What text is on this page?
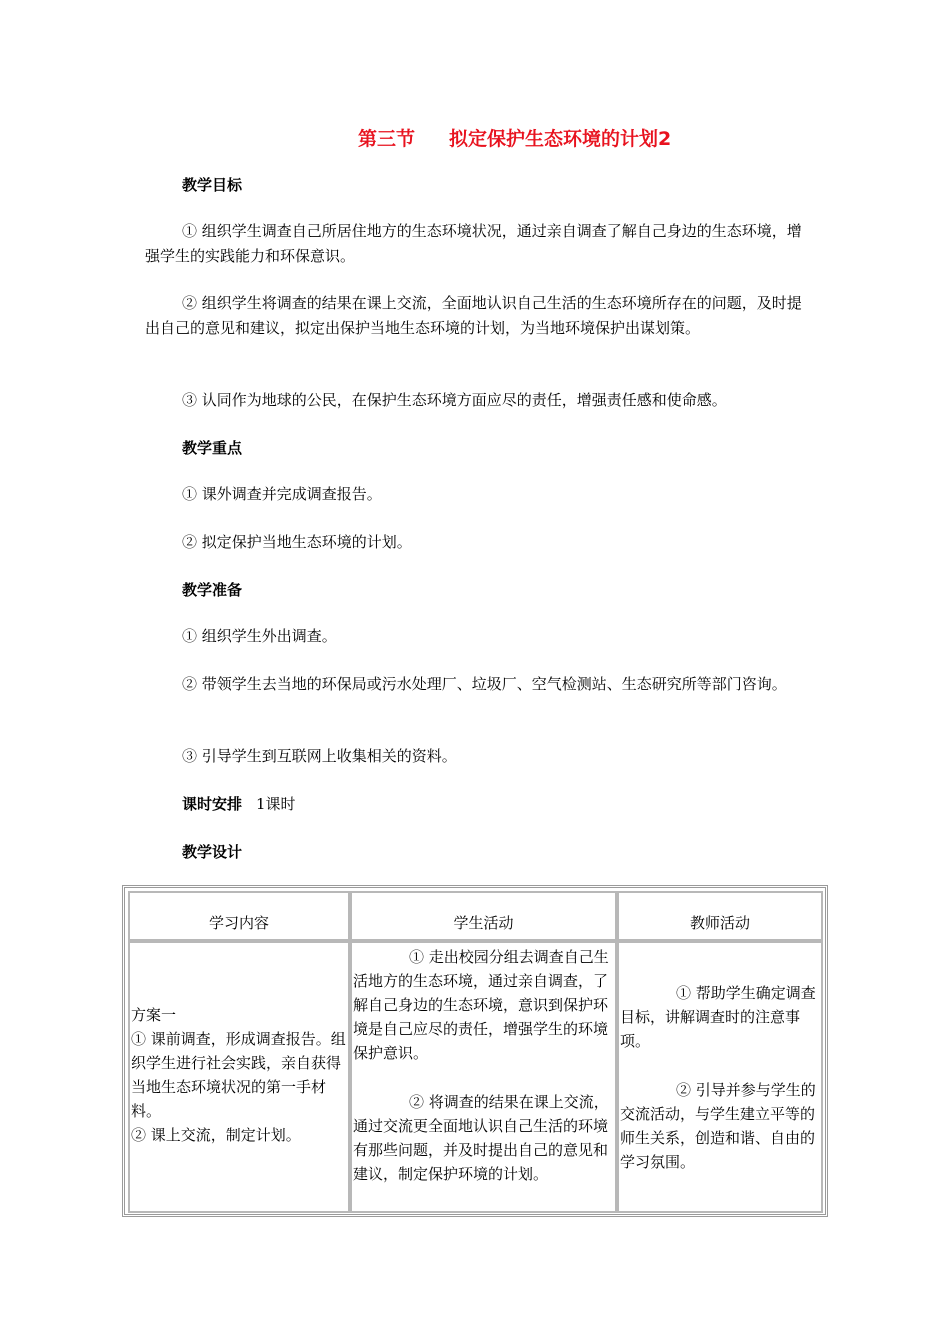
第三节 拟定保护生态环境的计划2
教学目标

① 组织学生调查自己所居住地方的生态环境状况，通过亲自调查了解自己身边的生态环境，增强学生的实践能力和环保意识。

② 组织学生将调查的结果在课上交流，全面地认识自己生活的生态环境所存在的问题，及时提出自己的意见和建议，拟定出保护当地生态环境的计划，为当地环境保护出谋划策。

③ 认同作为地球的公民，在保护生态环境方面应尽的责任，增强责任感和使命感。

教学重点

① 课外调查并完成调查报告。

② 拟定保护当地生态环境的计划。

教学准备

① 组织学生外出调查。

② 带领学生去当地的环保局或污水处理厂、垃圾厂、空气检测站、生态研究所等部门咨询。

③ 引导学生到互联网上收集相关的资料。

课时安排 1课时
教学设计
学习内容	学生活动	教师活动

方案一

① 课前调查，形成调查报告。组织学生进行社会实践，亲自获得当地生态环境状况的第一手材料。

② 课上交流，制定计划。

① 走出校园分组去调查自己生活地方的生态环境，通过亲自调查，了解自己身边的生态环境，意识到保护环境是自己应尽的责任，增强学生的环境保护意识。

② 将调查的结果在课上交流，通过交流更全面地认识自己生活的环境有那些问题，并及时提出自己的意见和建议，制定保护环境的计划。

① 帮助学生确定调查目标，讲解调查时的注意事项。

② 引导并参与学生的交流活动，与学生建立平等的师生关系，创造和谐、自由的学习氛围。
